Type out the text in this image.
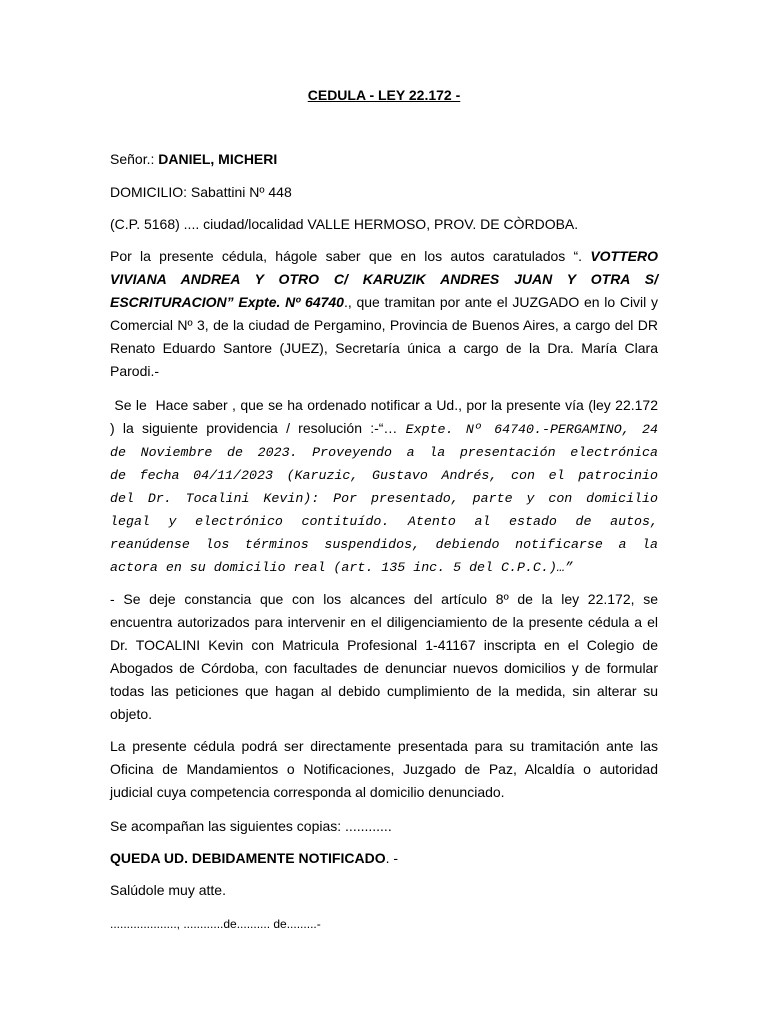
CEDULA - LEY 22.172 -
Señor.: DANIEL, MICHERI
DOMICILIO: Sabattini Nº 448
(C.P. 5168) .... ciudad/localidad VALLE HERMOSO, PROV. DE CÒRDOBA.
Por la presente cédula, hágole saber que en los autos caratulados “. VOTTERO
VIVIANA ANDREA Y OTRO C/ KARUZIK ANDRES JUAN Y OTRA S/
ESCRITURACION” Expte. Nº 64740., que tramitan por ante el JUZGADO en lo Civil y
Comercial Nº 3, de la ciudad de Pergamino, Provincia de Buenos Aires, a cargo del DR
Renato Eduardo Santore (JUEZ), Secretaría única a cargo de la Dra. María Clara
Parodi.-
Se le  Hace saber , que se ha ordenado notificar a Ud., por la presente vía (ley 22.172
) la siguiente providencia / resolución :-“… Expte. Nº 64740.-PERGAMINO, 24
de Noviembre de 2023. Proveyendo a la presentación electrónica
de fecha 04/11/2023 (Karuzic, Gustavo Andrés, con el patrocinio
del Dr. Tocalini Kevin): Por presentado, parte y con domicilio
legal y electrónico contituído. Atento al estado de autos,
reanúdense los términos suspendidos, debiendo notificarse a la
actora en su domicilio real (art. 135 inc. 5 del C.P.C.)…”
- Se deje constancia que con los alcances del artículo 8º de la ley 22.172, se
encuentra autorizados para intervenir en el diligenciamiento de la presente cédula a el
Dr. TOCALINI Kevin con Matricula Profesional 1-41167 inscripta en el Colegio de
Abogados de Córdoba, con facultades de denunciar nuevos domicilios y de formular
todas las peticiones que hagan al debido cumplimiento de la medida, sin alterar su
objeto.
La presente cédula podrá ser directamente presentada para su tramitación ante las
Oficina de Mandamientos o Notificaciones, Juzgado de Paz, Alcaldía o autoridad
judicial cuya competencia corresponda al domicilio denunciado.
Se acompañan las siguientes copias: ............
QUEDA UD. DEBIDAMENTE NOTIFICADO. -
Salúdole muy atte.
...................., ............de.......... de.........-
